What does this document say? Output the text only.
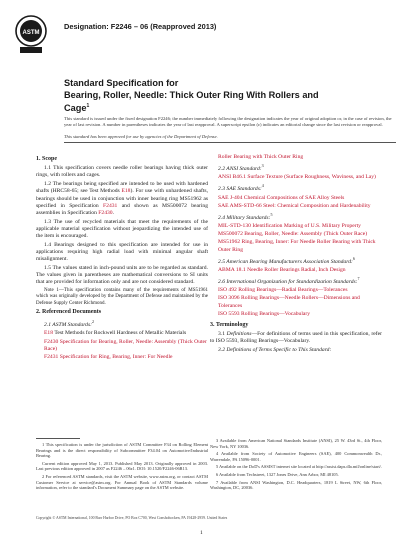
ASTM
Designation: F2246 – 06 (Reapproved 2013)
Standard Specification for
Bearing, Roller, Needle: Thick Outer Ring With Rollers and
Cage$^1$
This standard is issued under the fixed designation F2246; the number immediately following the designation indicates the year of original adoption or, in the case of revision, the year of last revision. A number in parentheses indicates the year of last reapproval. A superscript epsilon (ε) indicates an editorial change since the last revision or reapproval.
This standard has been approved for use by agencies of the Department of Defense.
1. Scope

1.1 This specification covers needle roller bearings having thick outer rings, with rollers and cages.

1.2 The bearings being specified are intended to be used with hardened shafts (HRC58-65; see Test Methods E18). For use with unhardened shafts, bearings should be used in conjunction with inner bearing ring MS51962 as specified in Specification F2431 and shown as MS500072 bearing assemblies in Specification F2430.

1.3 The use of recycled materials that meet the requirements of the applicable material specification without jeopardizing the intended use of the item is encouraged.

1.4 Bearings designed to this specification are intended for use in applications requiring high radial load with minimal angular shaft misalignment.

1.5 The values stated in inch-pound units are to be regarded as standard. The values given in parentheses are mathematical conversions to SI units that are provided for information only and are not considered standard.

Note 1—This specification contains many of the requirements of MS51961 which was originally developed by the Department of Defense and maintained by the Defense Supply Center Richmond.

2. Referenced Documents

2.1 ASTM Standards:$^2$

E18 Test Methods for Rockwell Hardness of Metallic Materials

F2430 Specification for Bearing, Roller, Needle: Assembly (Thick Outer Race)

F2431 Specification for Ring, Bearing, Inner: For Needle

Roller Bearing with Thick Outer Ring

2.2 ANSI Standard:$^3$

ANSI B46.1 Surface Texture (Surface Roughness, Waviness, and Lay)

2.3 SAE Standards:$^4$

SAE J-404 Chemical Compositions of SAE Alloy Steels

SAE AMS-STD-66 Steel: Chemical Composition and Hardenability

2.4 Military Standards:$^5$

MIL-STD-130 Identification Marking of U.S. Military Property

MS500072 Bearing, Roller, Needle: Assembly (Thick Outer Race)

MS51962 Ring, Bearing, Inner: For Needle Roller Bearing with Thick Outer Ring

2.5 American Bearing Manufacturers Association Standard:$^6$

ABMA 18.1 Needle Roller Bearings Radial, Inch Design

2.6 International Organization for Standardization Standards:$^7$

ISO 492 Rolling Bearings—Radial Bearings—Tolerances

ISO 3096 Rolling Bearings—Needle Rollers—Dimensions and Tolerances

ISO 5593 Rolling Bearings—Vocabulary

3. Terminology

3.1 Definitions—For definitions of terms used in this specification, refer to ISO 5593, Rolling Bearings—Vocabulary.

3.2 Definitions of Terms Specific to This Standard:

1 This specification is under the jurisdiction of ASTM Committee F34 on Rolling Element Bearings and is the direct responsibility of Subcommittee F34.04 on Automotive/Industrial Bearing.

Current edition approved May 1, 2013. Published May 2013. Originally approved in 2003. Last previous edition approved in 2007 as F2246 – 06ε1. DOI: 10.1520/F2246-06R13.

2 For referenced ASTM standards, visit the ASTM website, www.astm.org, or contact ASTM Customer Service at service@astm.org. For Annual Book of ASTM Standards volume information, refer to the standard's Document Summary page on the ASTM website.

3 Available from American National Standards Institute (ANSI), 25 W. 43rd St., 4th Floor, New York, NY 10036.

4 Available from Society of Automotive Engineers (SAE), 400 Commonwealth Dr., Warrendale, PA 15096-0001.

5 Available on the DoD's ASSIST internet site located at http://assist.daps.dla.mil/online/start/.

6 Available from Techstreet, 1327 Jones Drive, Ann Arbor, MI 48105.

7 Available from ANSI Washington, D.C. Headquarters, 1819 L Street, NW, 6th Floor, Washington, DC, 20036.

Copyright © ASTM International, 100 Barr Harbor Drive, PO Box C700, West Conshohocken, PA 19428-2959. United States
1
